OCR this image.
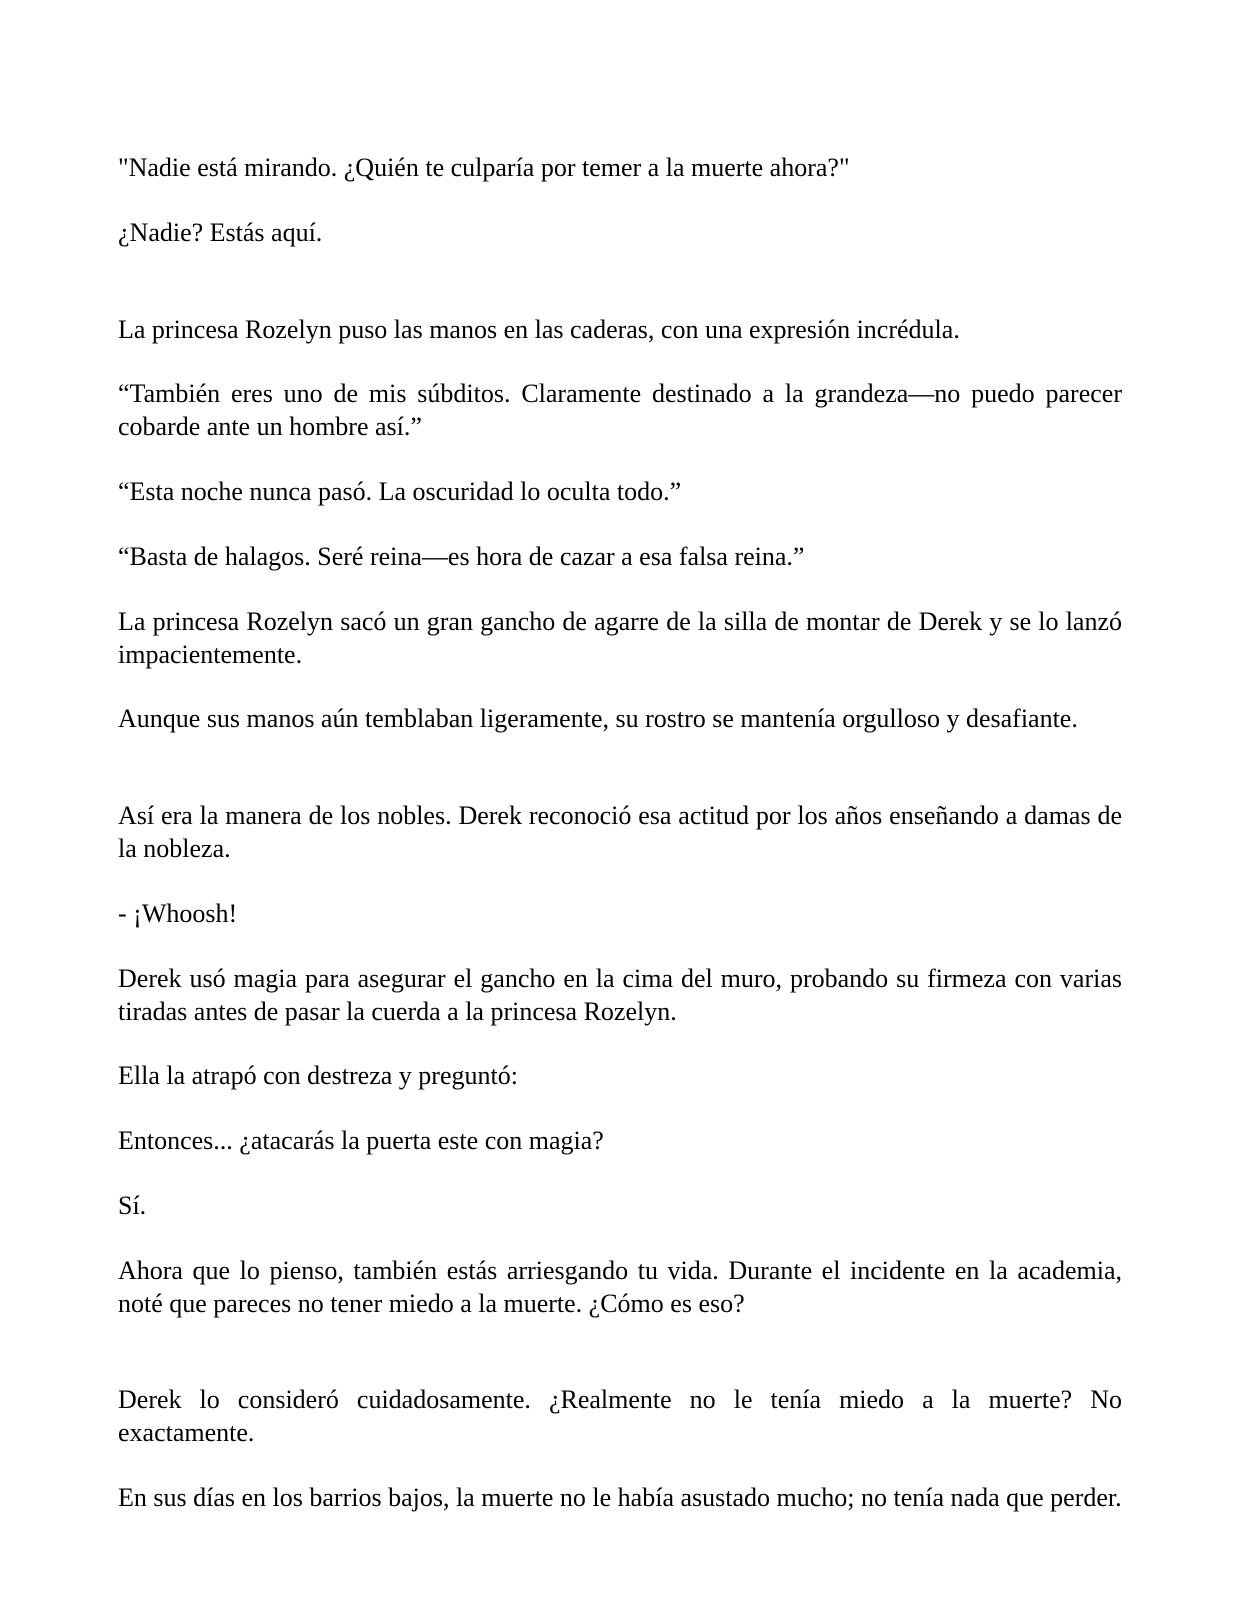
"Nadie está mirando. ¿Quién te culparía por temer a la muerte ahora?"

¿Nadie? Estás aquí.

La princesa Rozelyn puso las manos en las caderas, con una expresión incrédula.

“También eres uno de mis súbditos. Claramente destinado a la grandeza—no puedo parecer cobarde ante un hombre así.”

“Esta noche nunca pasó. La oscuridad lo oculta todo.”

“Basta de halagos. Seré reina—es hora de cazar a esa falsa reina.”

La princesa Rozelyn sacó un gran gancho de agarre de la silla de montar de Derek y se lo lanzó impacientemente.

Aunque sus manos aún temblaban ligeramente, su rostro se mantenía orgulloso y desafiante.

Así era la manera de los nobles. Derek reconoció esa actitud por los años enseñando a damas de la nobleza.

- ¡Whoosh!

Derek usó magia para asegurar el gancho en la cima del muro, probando su firmeza con varias tiradas antes de pasar la cuerda a la princesa Rozelyn.

Ella la atrapó con destreza y preguntó:

Entonces... ¿atacarás la puerta este con magia?

Sí.

Ahora que lo pienso, también estás arriesgando tu vida. Durante el incidente en la academia, noté que pareces no tener miedo a la muerte. ¿Cómo es eso?

Derek lo consideró cuidadosamente. ¿Realmente no le tenía miedo a la muerte? No exactamente.

En sus días en los barrios bajos, la muerte no le había asustado mucho; no tenía nada que perder.
